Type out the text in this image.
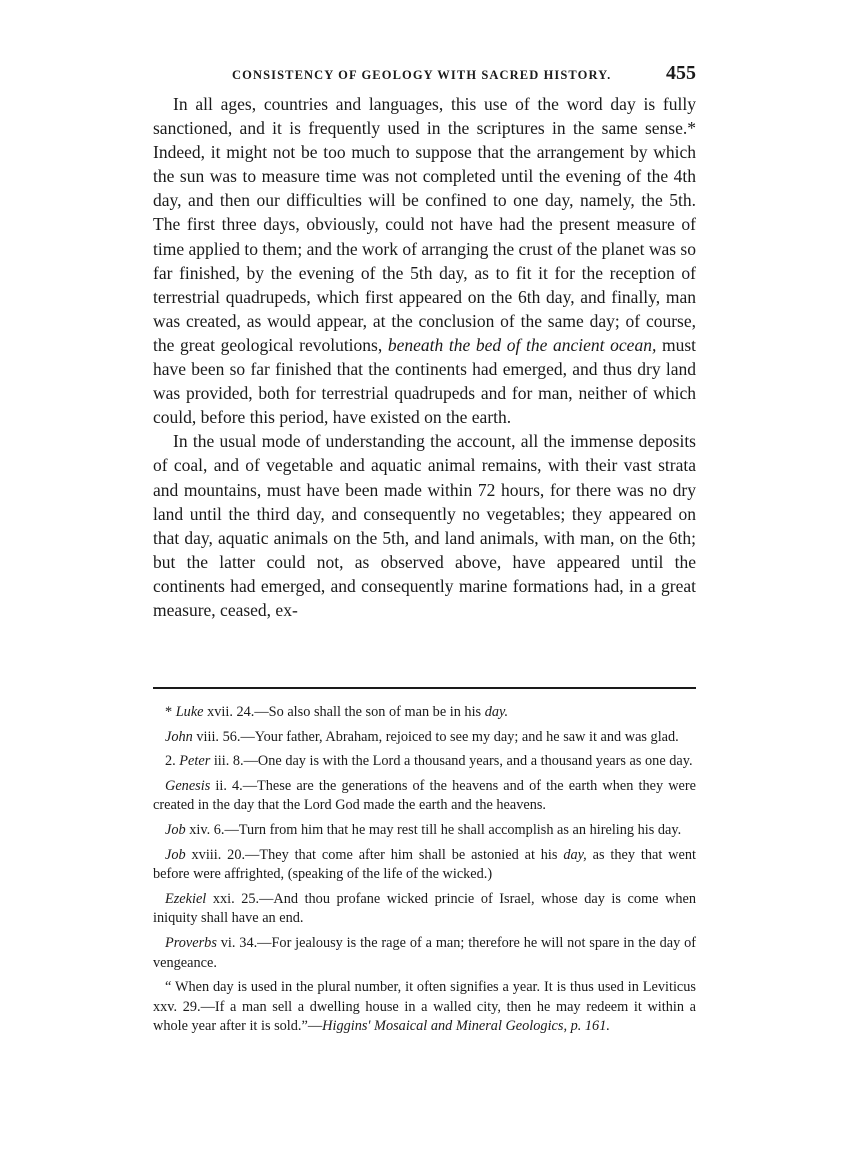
CONSISTENCY OF GEOLOGY WITH SACRED HISTORY.	455

In all ages, countries and languages, this use of the word day is fully sanctioned, and it is frequently used in the scriptures in the same sense.* Indeed, it might not be too much to suppose that the arrangement by which the sun was to measure time was not completed until the evening of the 4th day, and then our difficulties will be confined to one day, namely, the 5th. The first three days, obviously, could not have had the present measure of time applied to them; and the work of arranging the crust of the planet was so far finished, by the evening of the 5th day, as to fit it for the reception of terrestrial quadrupeds, which first appeared on the 6th day, and finally, man was created, as would appear, at the conclusion of the same day; of course, the great geological revolutions, beneath the bed of the ancient ocean, must have been so far finished that the continents had emerged, and thus dry land was provided, both for terrestrial quadrupeds and for man, neither of which could, before this period, have existed on the earth.

In the usual mode of understanding the account, all the immense deposits of coal, and of vegetable and aquatic animal remains, with their vast strata and mountains, must have been made within 72 hours, for there was no dry land until the third day, and consequently no vegetables; they appeared on that day, aquatic animals on the 5th, and land animals, with man, on the 6th; but the latter could not, as observed above, have appeared until the continents had emerged, and consequently marine formations had, in a great measure, ceased, ex-

* Luke xvii. 24.—So also shall the son of man be in his day.

John viii. 56.—Your father, Abraham, rejoiced to see my day; and he saw it and was glad.

2. Peter iii. 8.—One day is with the Lord a thousand years, and a thousand years as one day.

Genesis ii. 4.—These are the generations of the heavens and of the earth when they were created in the day that the Lord God made the earth and the heavens.

Job xiv. 6.—Turn from him that he may rest till he shall accomplish as an hireling his day.

Job xviii. 20.—They that come after him shall be astonied at his day, as they that went before were affrighted, (speaking of the life of the wicked.)

Ezekiel xxi. 25.—And thou profane wicked princie of Israel, whose day is come when iniquity shall have an end.

Proverbs vi. 34.—For jealousy is the rage of a man; therefore he will not spare in the day of vengeance.

“ When day is used in the plural number, it often signifies a year. It is thus used in Leviticus xxv. 29.—If a man sell a dwelling house in a walled city, then he may redeem it within a whole year after it is sold.”—Higgins' Mosaical and Mineral Geologics, p. 161.
